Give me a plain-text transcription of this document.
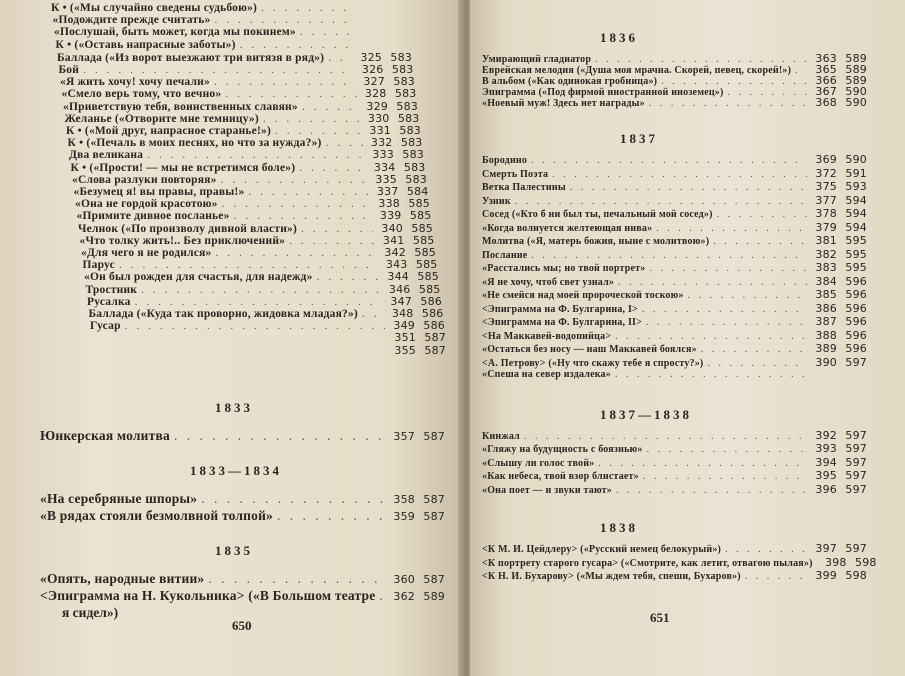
К • («Мы случайно сведены судьбою»)
. . .
«Подождите прежде считать»
. . .
«Послушай, быть может, когда мы покинем»
. . .
К • («Оставь напрасные заботы»)
. . .
Баллада («Из ворот выезжают три витязя в ряд») . . .	325 583
Бой . . .	326 583
«Я жить хочу! хочу печали» . . .	327 583
«Смело верь тому, что вечно» . . .	328 583
«Приветствую тебя, воинственных славян» . . .	329 583
Желанье («Отворите мне темницу») . . .	330 583
К • («Мой друг, напрасное старанье!») . . .	331 583
К • («Печаль в моих песнях, но что за нужда?») . . .	332 583
Два великана . . .	333 583
К • («Прости! — мы не встретимся боле») . . .	334 583
«Слова разлуки повторяя» . . .	335 583
«Безумец я! вы правы, правы!» . . .	337 584
«Она не гордой красотою» . . .	338 585
«Примите дивное посланье» . . .	339 585
Челнок («По произволу дивной власти») . . .	340 585
«Что толку жить!.. Без приключений» . . .	341 585
«Для чего я не родился» . . .	342 585
Парус . . .	343 585
«Он был рожден для счастья, для надежд» . . .	344 585
Тростник . . .	346 585
Русалка . . .	347 586
Баллада («Куда так проворно, жидовка младая?») . . .	348 586
Гусар . . .	349 586
351 587
355 587
1833
Юнкерская молитва . . .	357 587
1833—1834
«На серебряные шпоры» . . .	358 587
«В рядах стояли безмолвной толпой» . . .	359 587
1835
«Опять, народные витии» . . .	360 587
<Эпиграмма на Н. Кукольника> («В Большом театре . . .	362 589
я сидел»)
650
1836
Умирающий гладиатор . . .	363 589
Еврейская мелодия («Душа моя мрачна. Скорей, певец, скорей!») . . .	365 589
В альбом («Как одинокая гробница») . . .	366 589
Эпиграмма («Под фирмой иностранной иноземец») . . .	367 590
«Ноевый муж! Здесь нет награды» . . .	368 590
1837
Бородино . . .	369 590
Смерть Поэта . . .	372 591
Ветка Палестины . . .	375 593
Узник . . .	377 594
Сосед («Кто б ни был ты, печальный мой сосед») . . .	378 594
«Когда волнуется желтеющая нива» . . .	379 594
Молитва («Я, матерь божия, ныне с молитвою») . . .	381 595
Послание . . .	382 595
«Расстались мы; но твой портрет» . . .	383 595
«Я не хочу, чтоб свет узнал» . . .	384 596
«Не смейся над моей пророческой тоскою» . . .	385 596
<Эпиграмма на Ф. Булгарина, I> . . .	386 596
<Эпиграмма на Ф. Булгарина, II> . . .	387 596
<На Маккавей-водопийца> . . .	388 596
«Остаться без носу — наш Маккавей боялся» . . .	389 596
<А. Петрову> («Ну что скажу тебе я спросту?») . . .	390 597
«Спеша на север издалека»
. . .
1837—1838
Кинжал . . .	392 597
«Гляжу на будущность с боязнью» . . .	393 597
«Слышу ли голос твой» . . .	394 597
«Как небеса, твой взор блистает» . . .	395 597
«Она поет — и звуки тают» . . .	396 597
1838
<К М. И. Цейдлеру> («Русский немец белокурый») . . .	397 597
<К портрету старого гусара> («Смотрите, как летит, отвагою пылая»)	398 598
<К Н. И. Бухарову> («Мы ждем тебя, спеши, Бухаров») . . .	399 598
651
